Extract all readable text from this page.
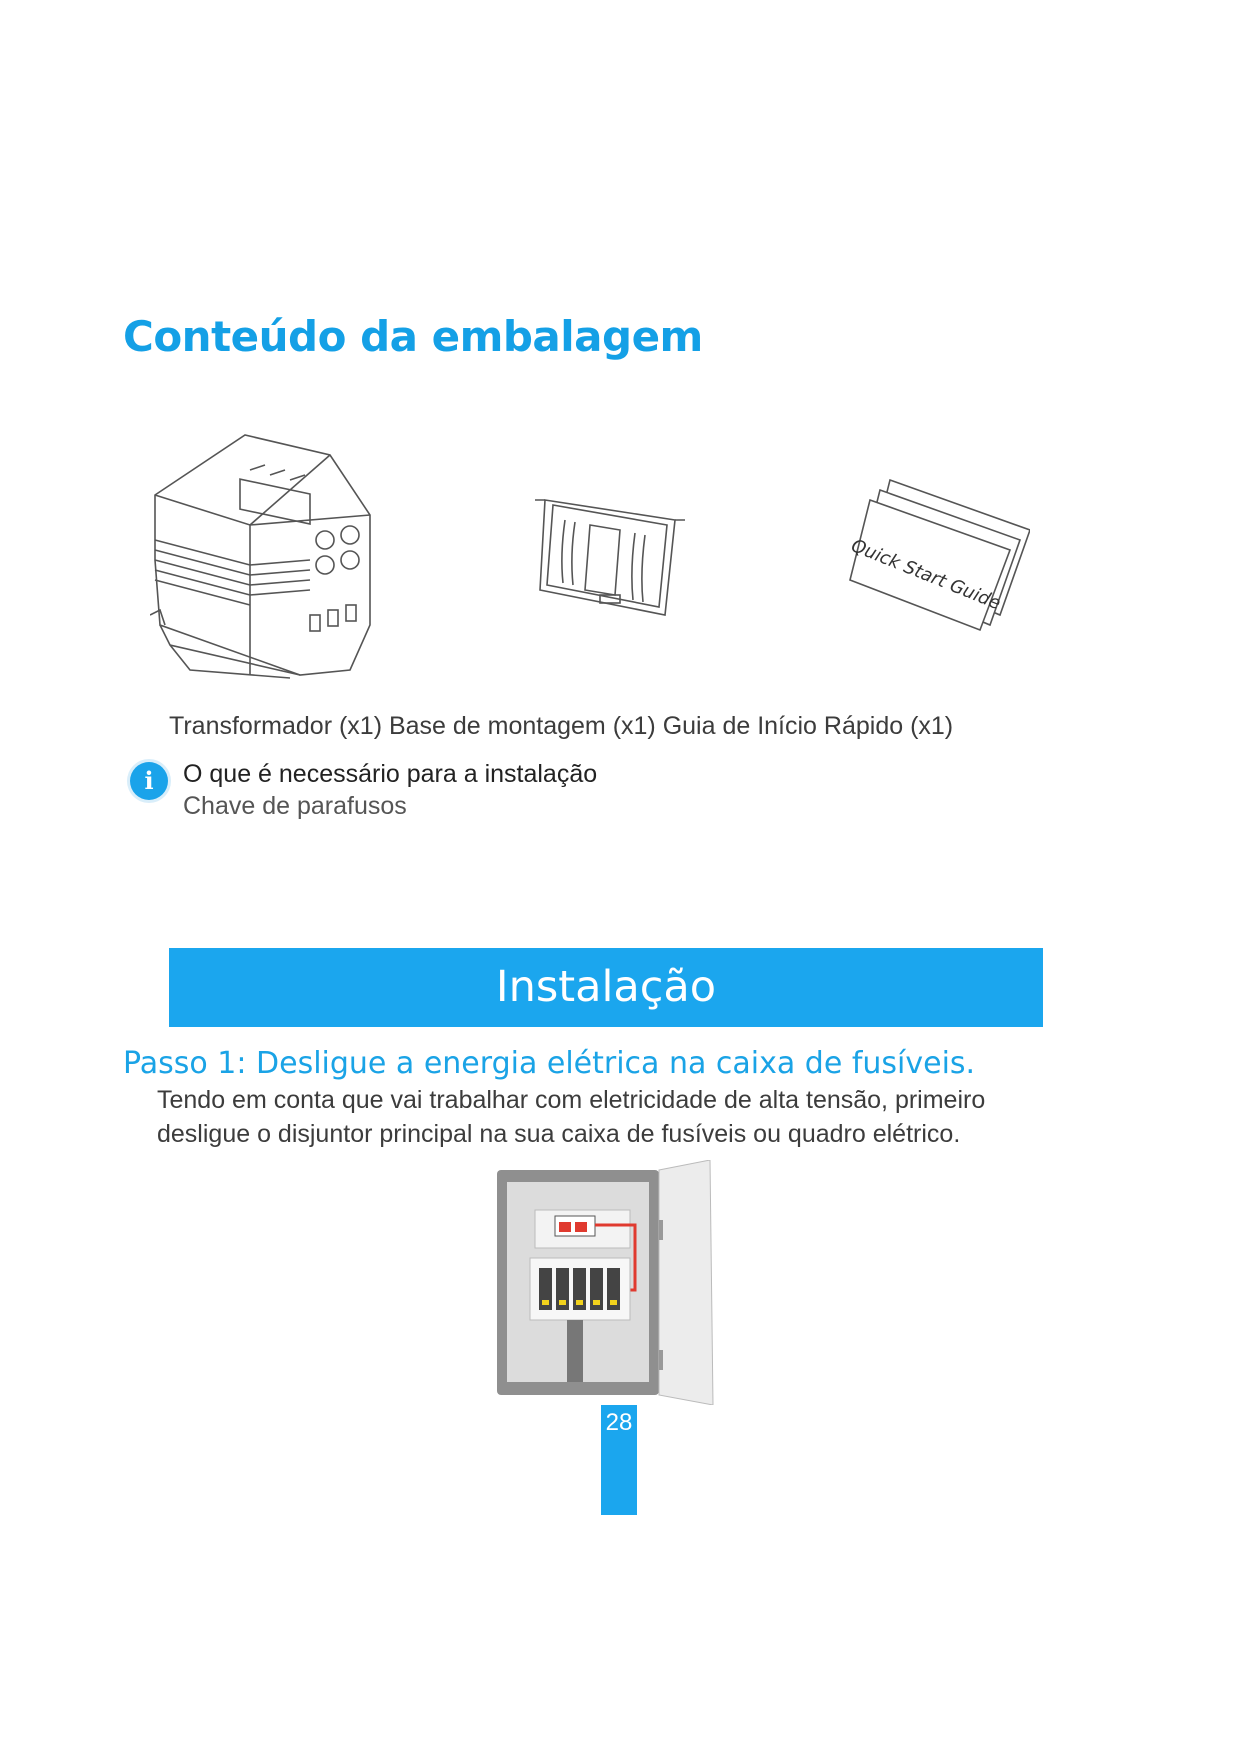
Conteúdo da embalagem
Quick Start Guide
Transformador (x1) Base de montagem (x1) Guia de Início Rápido (x1)
i	O que é necessário para a instalação
Chave de parafusos
Instalação
Passo 1: Desligue a energia elétrica na caixa de fusíveis.
Tendo em conta que vai trabalhar com eletricidade de alta tensão, primeiro desligue o disjuntor principal na sua caixa de fusíveis ou quadro elétrico.
28
